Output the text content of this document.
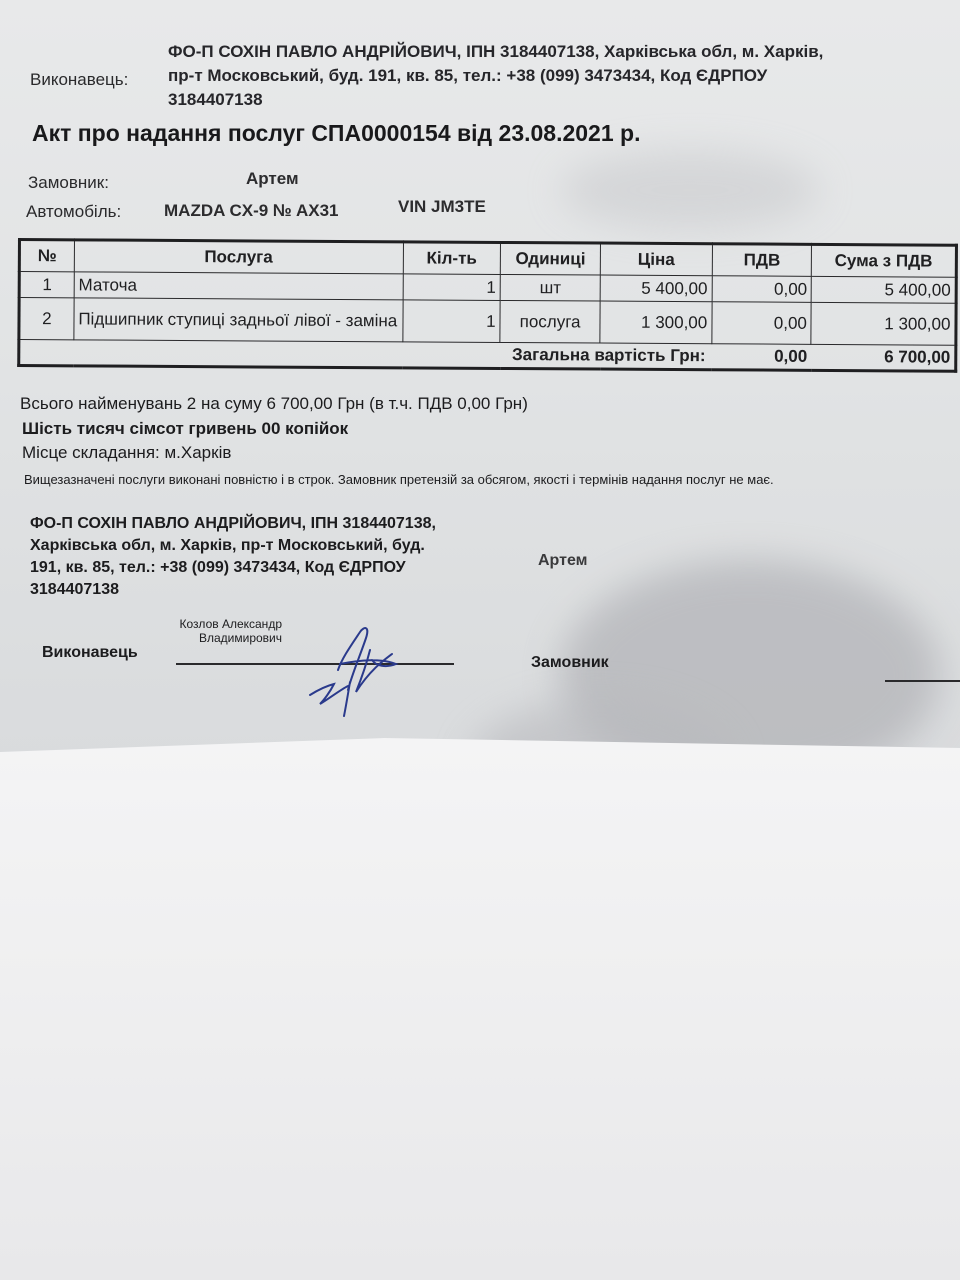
Виконавець:
ФО-П СОХІН ПАВЛО АНДРІЙОВИЧ, ІПН 3184407138, Харківська обл, м. Харків, пр-т Московський, буд. 191, кв. 85, тел.: +38 (099) 3473434, Код ЄДРПОУ 3184407138
Акт про надання послуг СПА0000154 від 23.08.2021 р.
Замовник:	Артем
Автомобіль:	MAZDA CX-9 № AX31	VIN JM3TE
№	Послуга	Кіл-ть	Одиниці	Ціна	ПДВ	Сума з ПДВ
1	Маточа	1	шт	5 400,00	0,00	5 400,00
2	Підшипник ступиці задньої лівої - заміна	1	послуга	1 300,00	0,00	1 300,00
Загальна вартість Грн:					0,00	6 700,00
Всього найменувань 2 на суму 6 700,00 Грн (в т.ч. ПДВ 0,00 Грн)
Шість тисяч сімсот гривень 00 копійок
Місце складання: м.Харків
Вищезазначені послуги виконані повністю і в строк. Замовник претензій за обсягом, якості і термінів надання послуг не має.
ФО-П СОХІН ПАВЛО АНДРІЙОВИЧ, ІПН 3184407138, Харківська обл, м. Харків, пр-т Московський, буд. 191, кв. 85, тел.: +38 (099) 3473434, Код ЄДРПОУ 3184407138
Артем
Виконавець
Козлов Александр Владимирович
Замовник
